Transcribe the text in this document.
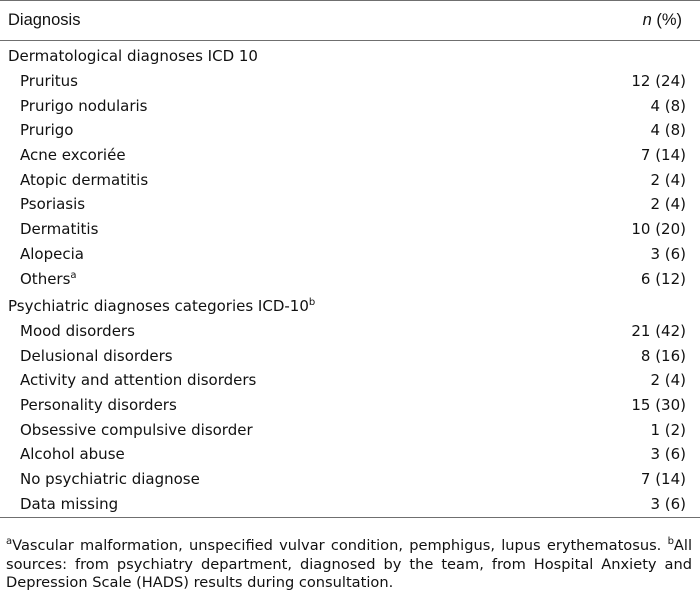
Diagnosis	n (%)
Dermatological diagnoses ICD 10	
Pruritus	12 (24)
Prurigo nodularis	4 (8)
Prurigo	4 (8)
Acne excoriée	7 (14)
Atopic dermatitis	2 (4)
Psoriasis	2 (4)
Dermatitis	10 (20)
Alopecia	3 (6)
Others$^a$	6 (12)
Psychiatric diagnoses categories ICD-10$^b$
Mood disorders	21 (42)
Delusional disorders	8 (16)
Activity and attention disorders	2 (4)
Personality disorders	15 (30)
Obsessive compulsive disorder	1 (2)
Alcohol abuse	3 (6)
No psychiatric diagnose	7 (14)
Data missing	3 (6)
$^a$Vascular malformation, unspecified vulvar condition, pemphigus, lupus erythematosus. $^b$All sources: from psychiatry department, diagnosed by the team, from Hospital Anxiety and Depression Scale (HADS) results during consultation.
